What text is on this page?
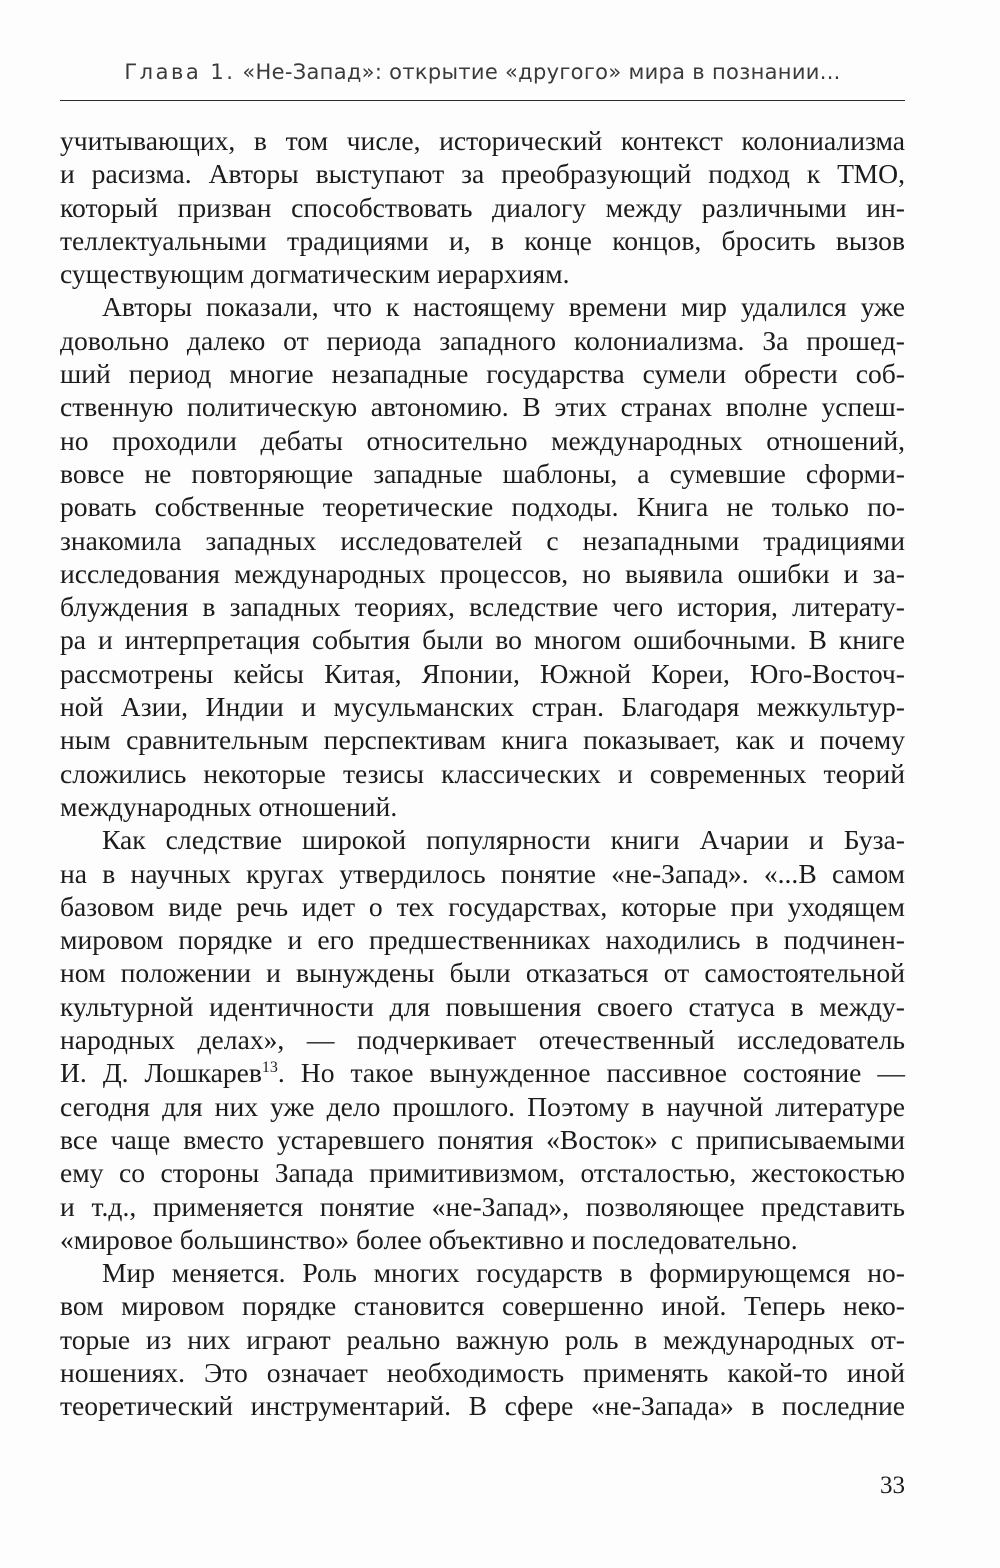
Глава 1. «Не-Запад»: открытие «другого» мира в познании...

учитывающих, в том числе, исторический контекст колониализма
и расизма. Авторы выступают за преобразующий подход к ТМО,
который призван способствовать диалогу между различными ин-
теллектуальными традициями и, в конце концов, бросить вызов
существующим догматическим иерархиям.

Авторы показали, что к настоящему времени мир удалился уже
довольно далеко от периода западного колониализма. За прошед-
ший период многие незападные государства сумели обрести соб-
ственную политическую автономию. В этих странах вполне успеш-
но проходили дебаты относительно международных отношений,
вовсе не повторяющие западные шаблоны, а сумевшие сформи-
ровать собственные теоретические подходы. Книга не только по-
знакомила западных исследователей с незападными традициями
исследования международных процессов, но выявила ошибки и за-
блуждения в западных теориях, вследствие чего история, литерату-
ра и интерпретация события были во многом ошибочными. В книге
рассмотрены кейсы Китая, Японии, Южной Кореи, Юго-Восточ-
ной Азии, Индии и мусульманских стран. Благодаря межкультур-
ным сравнительным перспективам книга показывает, как и почему
сложились некоторые тезисы классических и современных теорий
международных отношений.

Как следствие широкой популярности книги Ачарии и Буза-
на в научных кругах утвердилось понятие «не-Запад». «...В самом
базовом виде речь идет о тех государствах, которые при уходящем
мировом порядке и его предшественниках находились в подчинен-
ном положении и вынуждены были отказаться от самостоятельной
культурной идентичности для повышения своего статуса в между-
народных делах», — подчеркивает отечественный исследователь
И. Д. Лошкарев$^{13}$. Но такое вынужденное пассивное состояние —
сегодня для них уже дело прошлого. Поэтому в научной литературе
все чаще вместо устаревшего понятия «Восток» с приписываемыми
ему со стороны Запада примитивизмом, отсталостью, жестокостью
и т.д., применяется понятие «не-Запад», позволяющее представить
«мировое большинство» более объективно и последовательно.

Мир меняется. Роль многих государств в формирующемся но-
вом мировом порядке становится совершенно иной. Теперь неко-
торые из них играют реально важную роль в международных от-
ношениях. Это означает необходимость применять какой-то иной
теоретический инструментарий. В сфере «не-Запада» в последние

33
